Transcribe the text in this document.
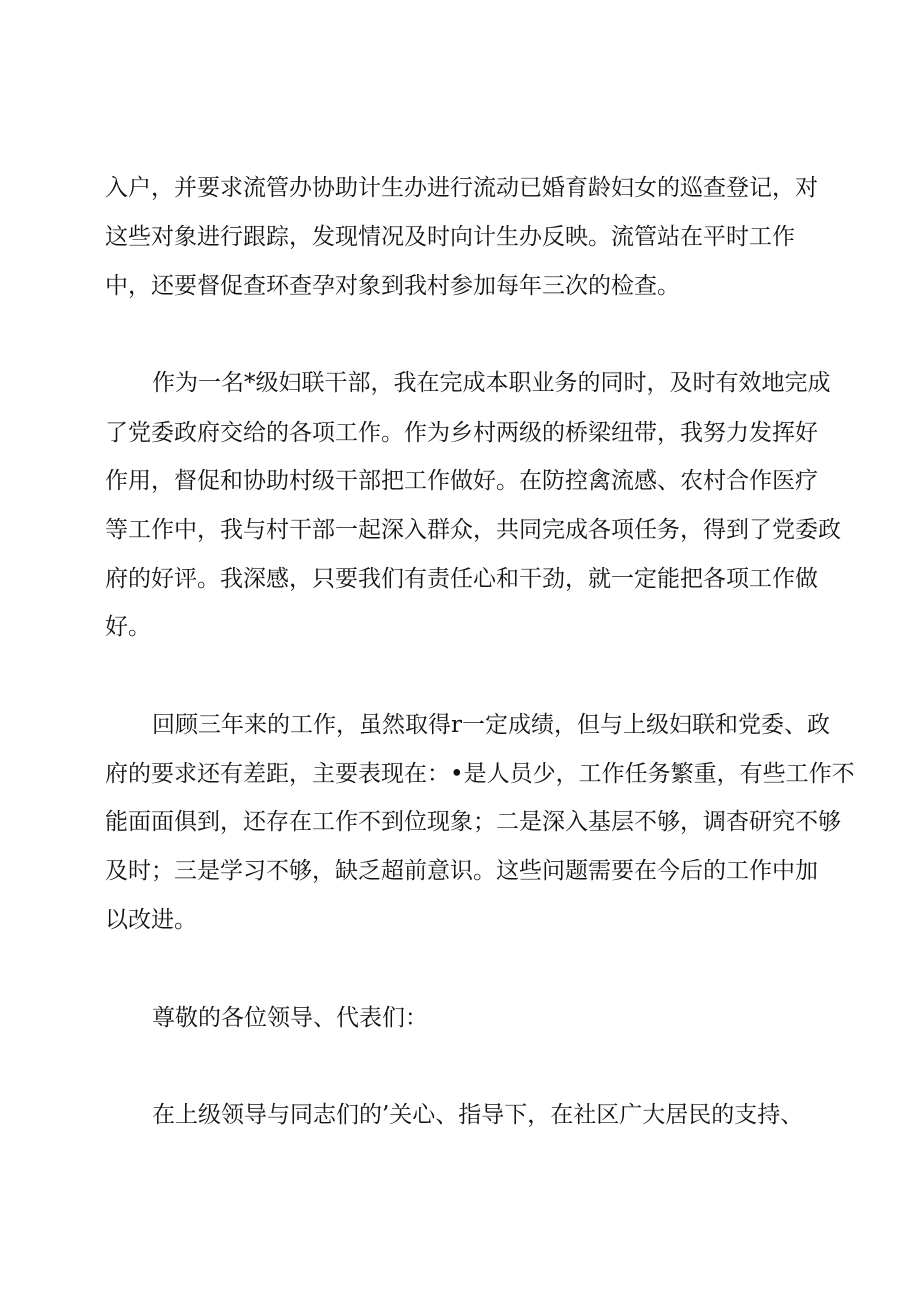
入户，并要求流管办协助计生办进行流动已婚育龄妇女的巡查登记，对
这些对象进行跟踪，发现情况及时向计生办反映。流管站在平时工作
中，还要督促查环查孕对象到我村参加每年三次的检查。
作为一名*级妇联干部，我在完成本职业务的同时，及时有效地完成
了党委政府交给的各项工作。作为乡村两级的桥梁纽带，我努力发挥好
作用，督促和协助村级干部把工作做好。在防控禽流感、农村合作医疗
等工作中，我与村干部一起深入群众，共同完成各项任务，得到了党委政
府的好评。我深感，只要我们有责任心和干劲，就一定能把各项工作做
好。
回顾三年来的工作，虽然取得r一定成绩，但与上级妇联和党委、政
府的要求还有差距，主要表现在：•是人员少，工作任务繁重，有些工作不
能面面俱到，还存在工作不到位现象；二是深入基层不够，调杳研究不够
及时；三是学习不够，缺乏超前意识。这些问题需要在今后的工作中加
以改进。
尊敬的各位领导、代表们：
在上级领导与同志们的’关心、指导下，在社区广大居民的支持、
